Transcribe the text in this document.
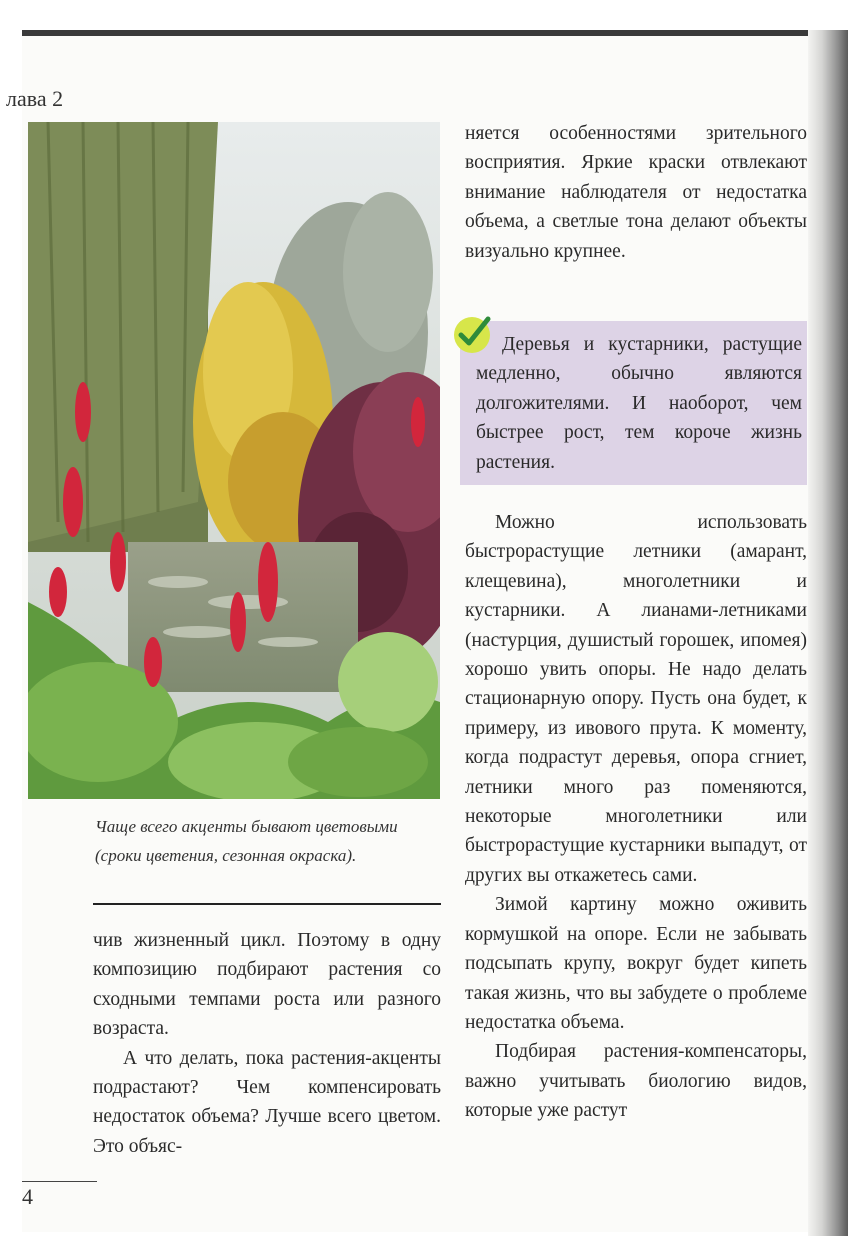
лава 2
Чаще всего акценты бывают цветовыми (сроки цветения, сезонная окраска).

чив жизненный цикл. Поэтому в одну композицию подбирают растения со сходными темпами роста или разного возраста.

А что делать, пока растения-акценты подрастают? Чем компенсировать недостаток объема? Лучше всего цветом. Это объяс-

няется особенностями зрительного восприятия. Яркие краски отвлекают внимание наблюдателя от недостатка объема, а светлые тона делают объекты визуально крупнее.

Деревья и кустарники, растущие медленно, обычно являются долгожителями. И наоборот, чем быстрее рост, тем короче жизнь растения.

Можно использовать быстрорастущие летники (амарант, клещевина), многолетники и кустарники. А лианами-летниками (настурция, душистый горошек, ипомея) хорошо увить опоры. Не надо делать стационарную опору. Пусть она будет, к примеру, из ивового прута. К моменту, когда подрастут деревья, опора сгниет, летники много раз поменяются, некоторые многолетники или быстрорастущие кустарники выпадут, от других вы откажетесь сами.

Зимой картину можно оживить кормушкой на опоре. Если не забывать подсыпать крупу, вокруг будет кипеть такая жизнь, что вы забудете о проблеме недостатка объема.

Подбирая растения-компенсаторы, важно учитывать биологию видов, которые уже растут

4
